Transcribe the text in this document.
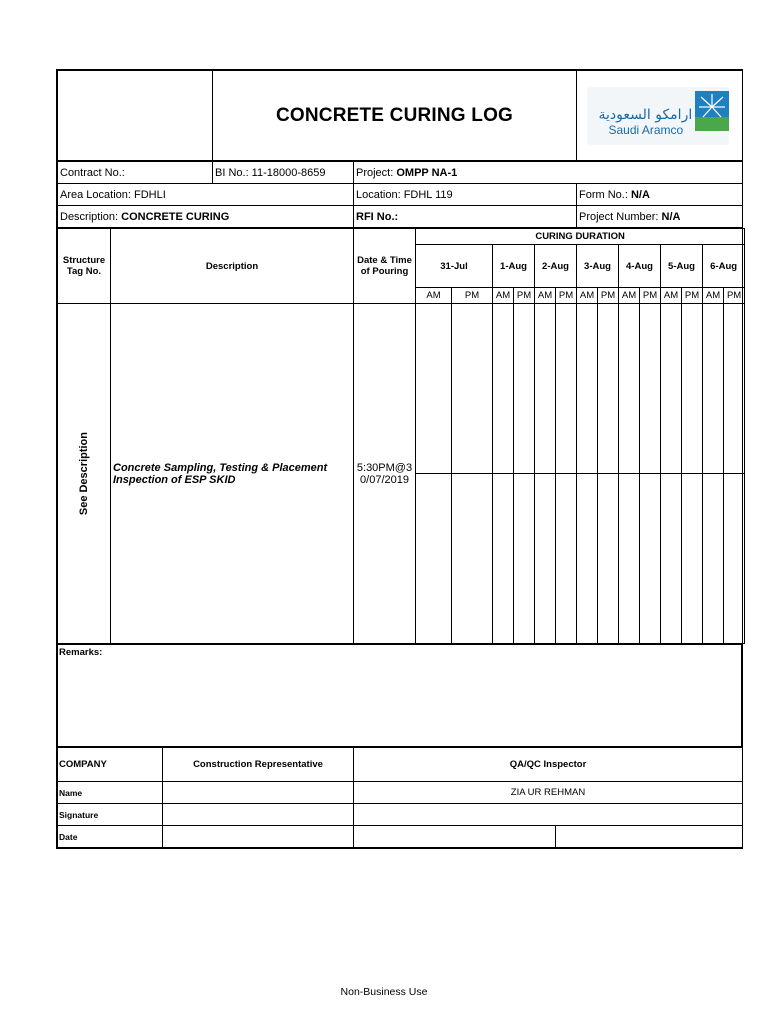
	CONCRETE CURING LOG	ارامكو السعودية
Saudi Aramco
Contract No.:	BI No.: 11-18000-8659	Project: OMPP NA-1	
Area Location: FDHLI		Location: FDHL 119	Form No.: N/A
Description: CONCRETE CURING		RFI No.:	Project Number: N/A
Structure Tag No.	Description	Date & Time of Pouring	CURING DURATION													
			31-Jul		1-Aug		2-Aug		3-Aug		4-Aug		5-Aug		6-Aug	
			AM	PM	AM	PM	AM	PM	AM	PM	AM	PM	AM	PM	AM	PM

See Description	Concrete Sampling, Testing & Placement Inspection of ESP SKID	5:30PM@3 0/07/2019														

Remarks:
COMPANY	Construction Representative	QA/QC Inspector	
Name		ZIA UR REHMAN	
Signature			
Date			
Non-Business Use
